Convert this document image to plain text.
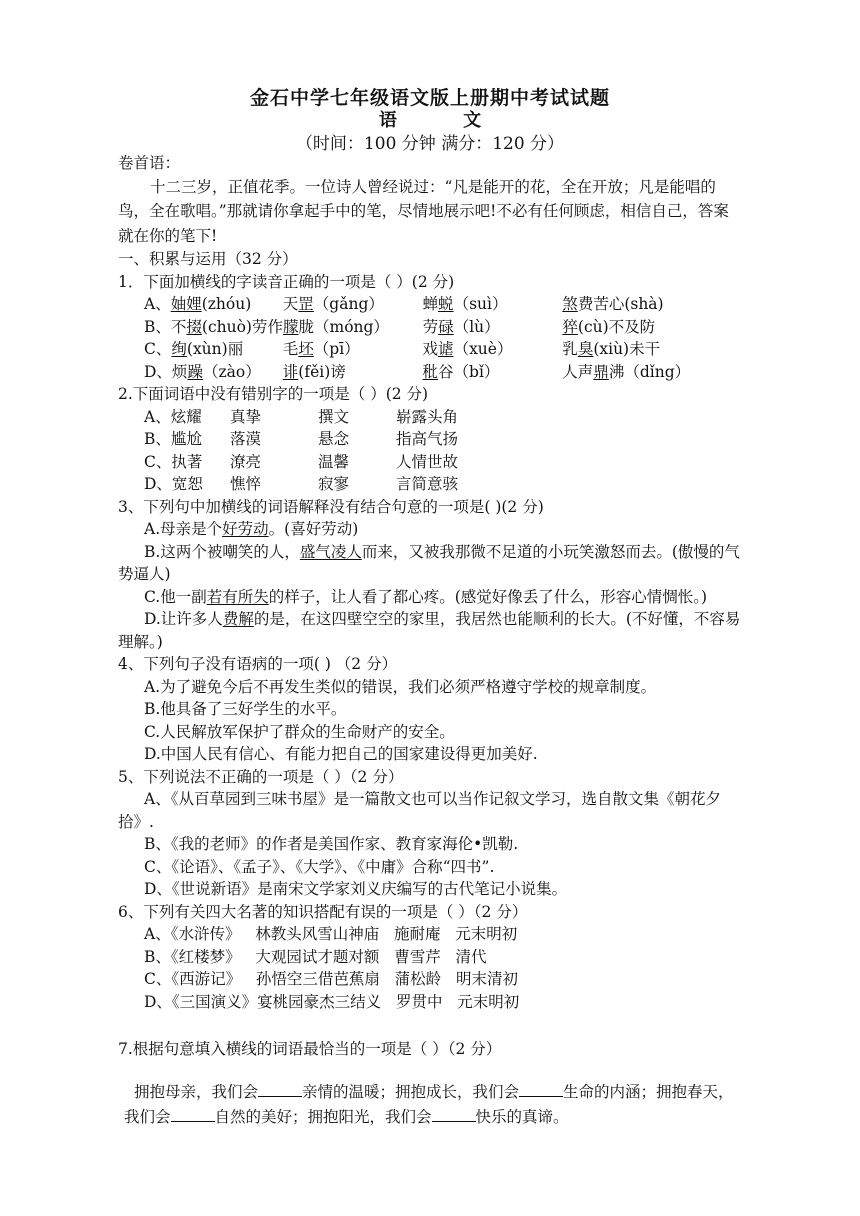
金石中学七年级语文版上册期中考试试题
语	文
（时间：100 分钟 满分：120 分）
卷首语：
十二三岁，正值花季。一位诗人曾经说过：“凡是能开的花，全在开放；凡是能唱的鸟，全在歌唱。”那就请你拿起手中的笔，尽情地展示吧!不必有任何顾虑，相信自己，答案就在你的笔下!
一、积累与运用（32 分）
1．下面加横线的字读音正确的一项是（ ）(2 分)
A、妯娌(zhóu)	天罡（gǎng）	蝉蜕（suì）	煞费苦心(shà)
B、不掇(chuò)劳作 朦胧（móng）	劳碌（lù）	猝(cù)不及防
C、绚(xùn)丽	毛坯（pī）	戏谑（xuè）	乳臭(xiù)未干
D、烦躁（zào）	诽(fěi)谤	秕谷（bǐ）	人声鼎沸（dǐng）
2.下面词语中没有错别字的一项是（ ）(2 分)
A、炫耀	真挚	撰文	崭露头角
B、尴尬	落漠	悬念	指高气扬
C、执著	潦亮	温馨	人情世故
D、宽恕	憔悴	寂寥	言简意骇
3、下列句中加横线的词语解释没有结合句意的一项是( )(2 分)
A.母亲是个好劳动。(喜好劳动)
B.这两个被嘲笑的人，盛气凌人而来，又被我那微不足道的小玩笑激怒而去。(傲慢的气势逼人)
C.他一副若有所失的样子，让人看了都心疼。(感觉好像丢了什么，形容心情惆怅。)
D.让许多人费解的是，在这四壁空空的家里，我居然也能顺利的长大。(不好懂，不容易理解。)
4、下列句子没有语病的一项( ) （2 分）
A.为了避免今后不再发生类似的错误，我们必须严格遵守学校的规章制度。
B.他具备了三好学生的水平。
C.人民解放军保护了群众的生命财产的安全。
D.中国人民有信心、有能力把自己的国家建设得更加美好.
5、下列说法不正确的一项是（ ）（2 分）
A、《从百草园到三味书屋》是一篇散文也可以当作记叙文学习，选自散文集《朝花夕拾》.
B、《我的老师》的作者是美国作家、教育家海伦•凯勒.
C、《论语》、《孟子》、《大学》、《中庸》合称“四书”.
D、《世说新语》是南宋文学家刘义庆编写的古代笔记小说集。
6、下列有关四大名著的知识搭配有误的一项是（ ）（2 分）
A、《水浒传》   林教头风雪山神庙   施耐庵   元末明初
B、《红楼梦》   大观园试才题对额   曹雪芹   清代
C、《西游记》   孙悟空三借芭蕉扇   蒲松龄   明末清初
D、《三国演义》宴桃园豪杰三结义   罗贯中   元末明初
7.根据句意填入横线的词语最恰当的一项是（ ）（2 分）
拥抱母亲，我们会	亲情的温暖；拥抱成长，我们会	生命的内涵；拥抱春天，我们会	自然的美好；拥抱阳光，我们会	快乐的真谛。
